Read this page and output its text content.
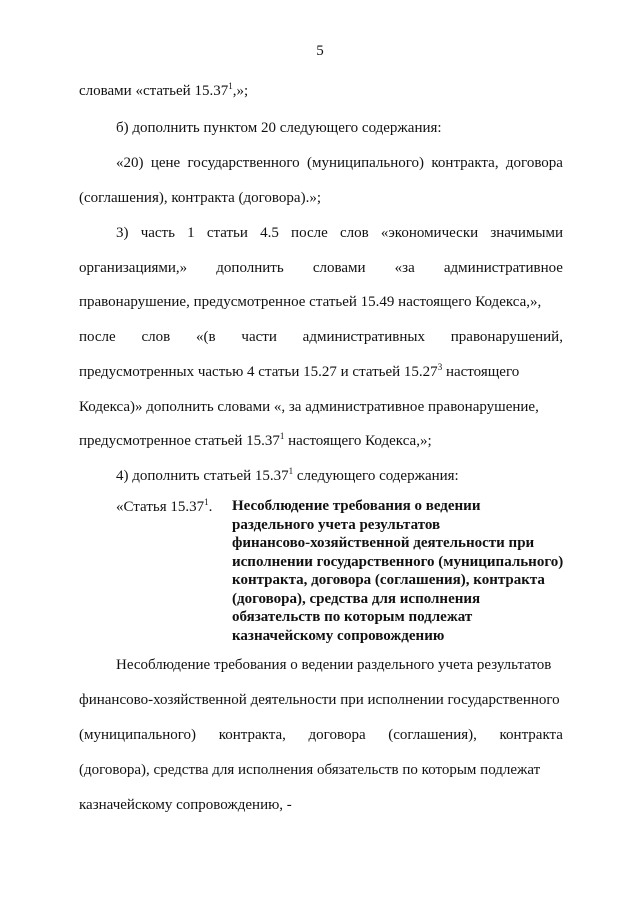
5
словами «статьей 15.37$^1$,»;
б) дополнить пунктом 20 следующего содержания:
«20) цене государственного (муниципального) контракта, договора
(соглашения), контракта (договора).»;
3) часть 1 статьи 4.5 после слов «экономически значимыми
организациями,» дополнить словами «за административное
правонарушение, предусмотренное статьей 15.49 настоящего Кодекса,»,
после слов «(в части административных правонарушений,
предусмотренных частью 4 статьи 15.27 и статьей 15.27$^3$ настоящего
Кодекса)» дополнить словами «, за административное правонарушение,
предусмотренное статьей 15.37$^1$ настоящего Кодекса,»;
4) дополнить статьей 15.37$^1$ следующего содержания:
«Статья 15.37$^1$. Несоблюдение требования о ведении
раздельного учета результатов
финансово-хозяйственной деятельности при
исполнении государственного (муниципального)
контракта, договора (соглашения), контракта
(договора), средства для исполнения
обязательств по которым подлежат
казначейскому сопровождению
Несоблюдение требования о ведении раздельного учета результатов
финансово-хозяйственной деятельности при исполнении государственного
(муниципального) контракта, договора (соглашения), контракта
(договора), средства для исполнения обязательств по которым подлежат
казначейскому сопровождению, -
